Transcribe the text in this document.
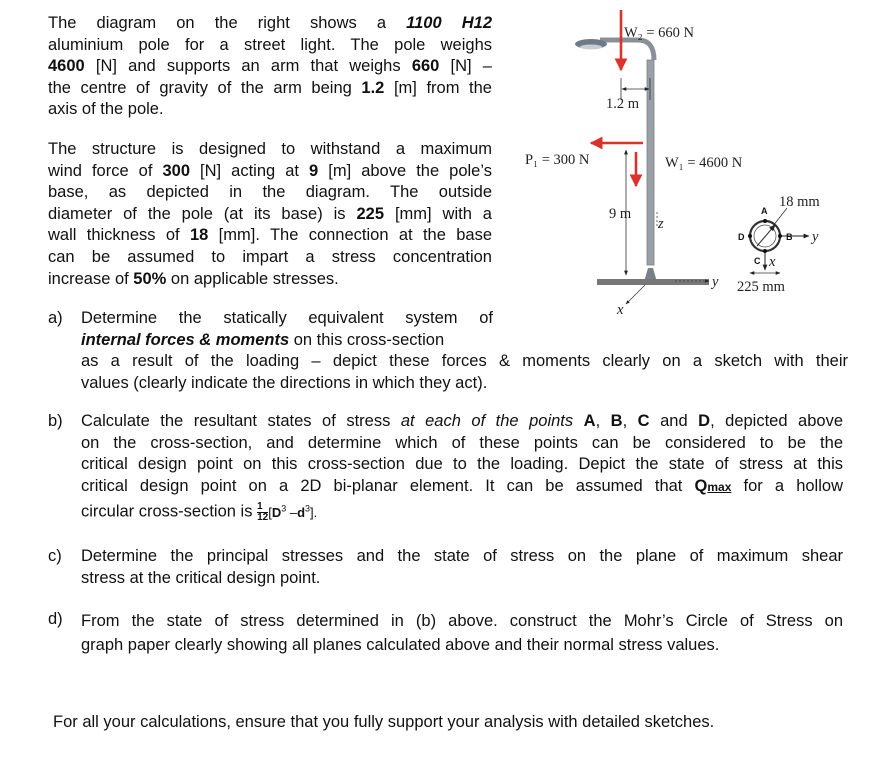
The diagram on the right shows a 1100 H12
aluminium pole for a street light. The pole weighs
4600 [N] and supports an arm that weighs 660 [N] –
the centre of gravity of the arm being 1.2 [m] from the
axis of the pole.
The structure is designed to withstand a maximum
wind force of 300 [N] acting at 9 [m] above the pole’s
base, as depicted in the diagram. The outside
diameter of the pole (at its base) is 225 [mm] with a
wall thickness of 18 [mm]. The connection at the base
can be assumed to impart a stress concentration
increase of 50% on applicable stresses.
W₂ = 660 N
1.2 m
P₁ = 300 N	W₁ = 4600 N
9 m
z
y
x
y
x
A
B
C
D
18 mm
225 mm
a) Determine the statically equivalent system of
internal forces & moments on this cross-section
as a result of the loading – depict these forces & moments clearly on a sketch with their
values (clearly indicate the directions in which they act).
b) Calculate the resultant states of stress at each of the points A, B, C and D, depicted above
on the cross-section, and determine which of these points can be considered to be the
critical design point on this cross-section due to the loading. Depict the state of stress at this
critical design point on a 2D bi-planar element. It can be assumed that Qmax for a hollow
circular cross-section is $\frac{1}{12} [D^3$ $-d^3$].
c) Determine the principal stresses and the state of stress on the plane of maximum shear
stress at the critical design point.
d) From the state of stress determined in (b) above. construct the Mohr’s Circle of Stress on
graph paper clearly showing all planes calculated above and their normal stress values.
For all your calculations, ensure that you fully support your analysis with detailed sketches.
